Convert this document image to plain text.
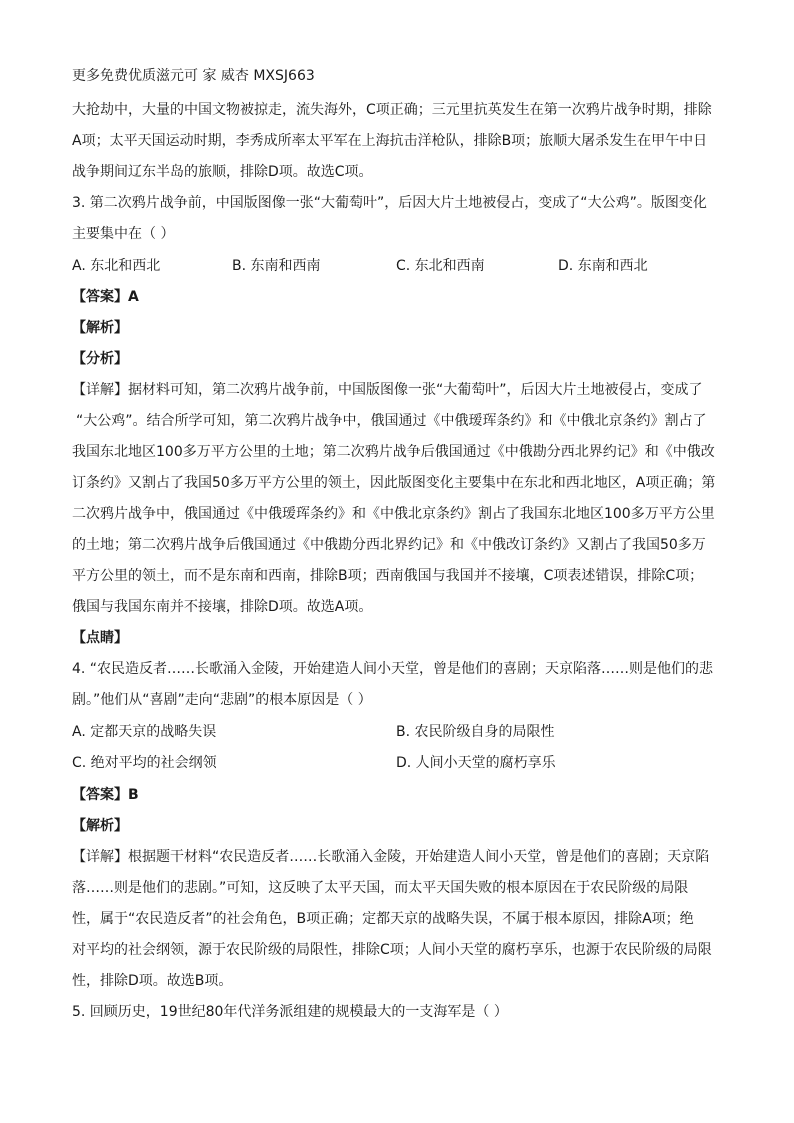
更多免费优质滋元可 家 威杏 MXSJ663
大抢劫中，大量的中国文物被掠走，流失海外，C项正确；三元里抗英发生在第一次鸦片战争时期，排除
A项；太平天国运动时期，李秀成所率太平军在上海抗击洋枪队，排除B项；旅顺大屠杀发生在甲午中日
战争期间辽东半岛的旅顺，排除D项。故选C项。
3. 第二次鸦片战争前，中国版图像一张“大葡萄叶”，后因大片土地被侵占，变成了“大公鸡”。版图变化
主要集中在（ ）
A. 东北和西北	B. 东南和西南	C. 东北和西南	D. 东南和西北
【答案】A
【解析】
【分析】
【详解】据材料可知，第二次鸦片战争前，中国版图像一张“大葡萄叶”，后因大片土地被侵占，变成了
“大公鸡”。结合所学可知，第二次鸦片战争中，俄国通过《中俄瑷珲条约》和《中俄北京条约》割占了
我国东北地区100多万平方公里的土地；第二次鸦片战争后俄国通过《中俄勘分西北界约记》和《中俄改
订条约》又割占了我国50多万平方公里的领土，因此版图变化主要集中在东北和西北地区，A项正确；第
二次鸦片战争中，俄国通过《中俄瑷珲条约》和《中俄北京条约》割占了我国东北地区100多万平方公里
的土地；第二次鸦片战争后俄国通过《中俄勘分西北界约记》和《中俄改订条约》又割占了我国50多万
平方公里的领土，而不是东南和西南，排除B项；西南俄国与我国并不接壤，C项表述错误，排除C项；
俄国与我国东南并不接壤，排除D项。故选A项。
【点睛】
4. “农民造反者……长歌涌入金陵，开始建造人间小天堂，曾是他们的喜剧；天京陷落……则是他们的悲
剧。”他们从“喜剧”走向“悲剧”的根本原因是（ ）
A. 定都天京的战略失误	B. 农民阶级自身的局限性
C. 绝对平均的社会纲领	D. 人间小天堂的腐朽享乐
【答案】B
【解析】
【详解】根据题干材料“农民造反者……长歌涌入金陵，开始建造人间小天堂，曾是他们的喜剧；天京陷
落……则是他们的悲剧。”可知，这反映了太平天国，而太平天国失败的根本原因在于农民阶级的局限
性，属于“农民造反者”的社会角色，B项正确；定都天京的战略失误，不属于根本原因，排除A项；绝
对平均的社会纲领，源于农民阶级的局限性，排除C项；人间小天堂的腐朽享乐，也源于农民阶级的局限
性，排除D项。故选B项。
5. 回顾历史，19世纪80年代洋务派组建的规模最大的一支海军是（ ）
